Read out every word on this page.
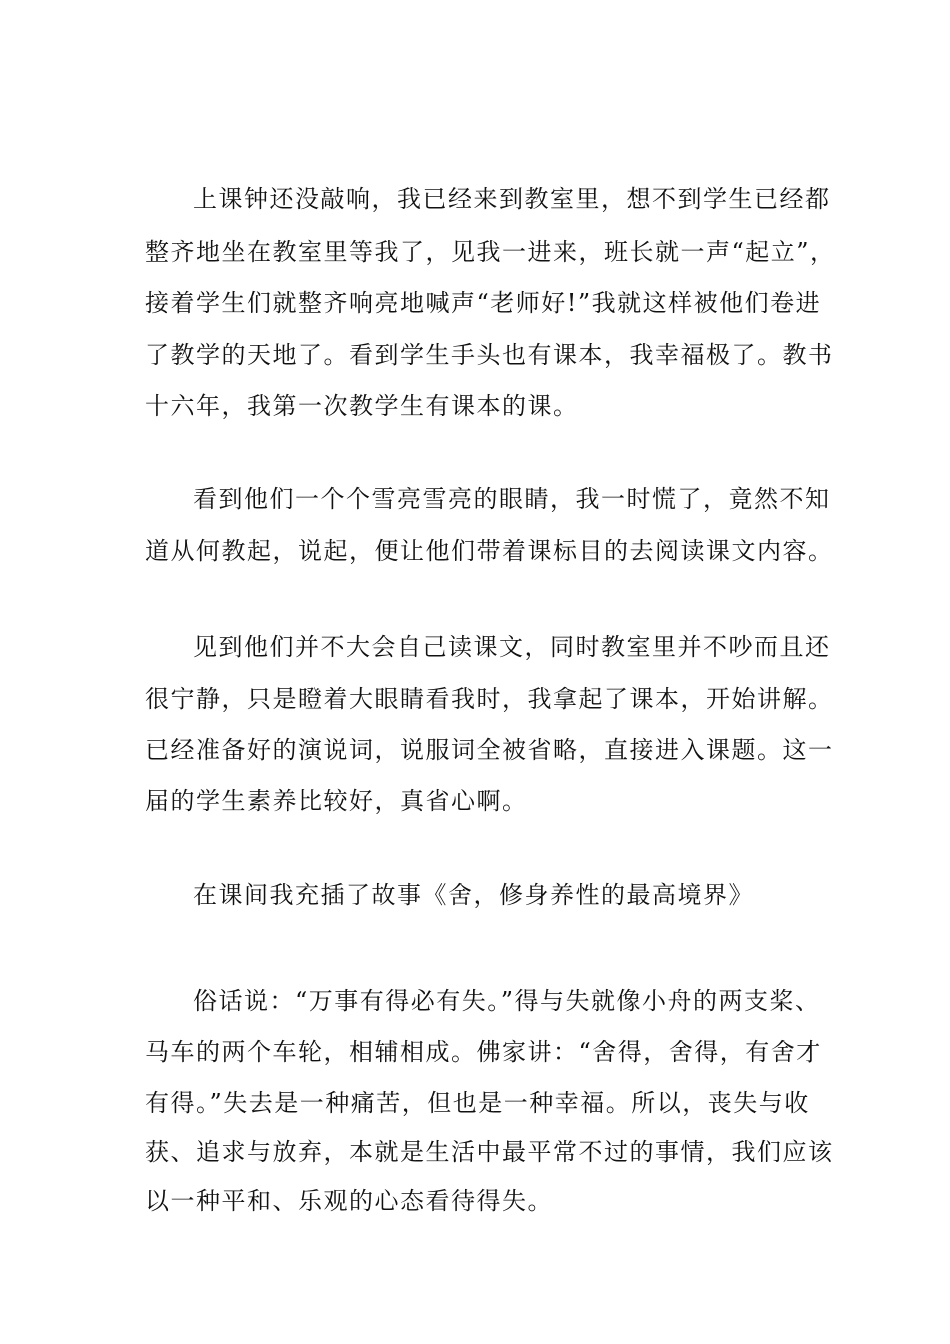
上课钟还没敲响，我已经来到教室里，想不到学生已经都
整齐地坐在教室里等我了，见我一进来，班长就一声“起立”，
接着学生们就整齐响亮地喊声“老师好!”我就这样被他们卷进
了教学的天地了。看到学生手头也有课本，我幸福极了。教书
十六年，我第一次教学生有课本的课。
看到他们一个个雪亮雪亮的眼睛，我一时慌了，竟然不知
道从何教起，说起，便让他们带着课标目的去阅读课文内容。
见到他们并不大会自己读课文，同时教室里并不吵而且还
很宁静，只是瞪着大眼睛看我时，我拿起了课本，开始讲解。
已经准备好的演说词，说服词全被省略，直接进入课题。这一
届的学生素养比较好，真省心啊。
在课间我充插了故事《舍，修身养性的最高境界》
俗话说：“万事有得必有失。”得与失就像小舟的两支桨、
马车的两个车轮，相辅相成。佛家讲：“舍得，舍得，有舍才
有得。”失去是一种痛苦，但也是一种幸福。所以，丧失与收
获、追求与放弃，本就是生活中最平常不过的事情，我们应该
以一种平和、乐观的心态看待得失。
